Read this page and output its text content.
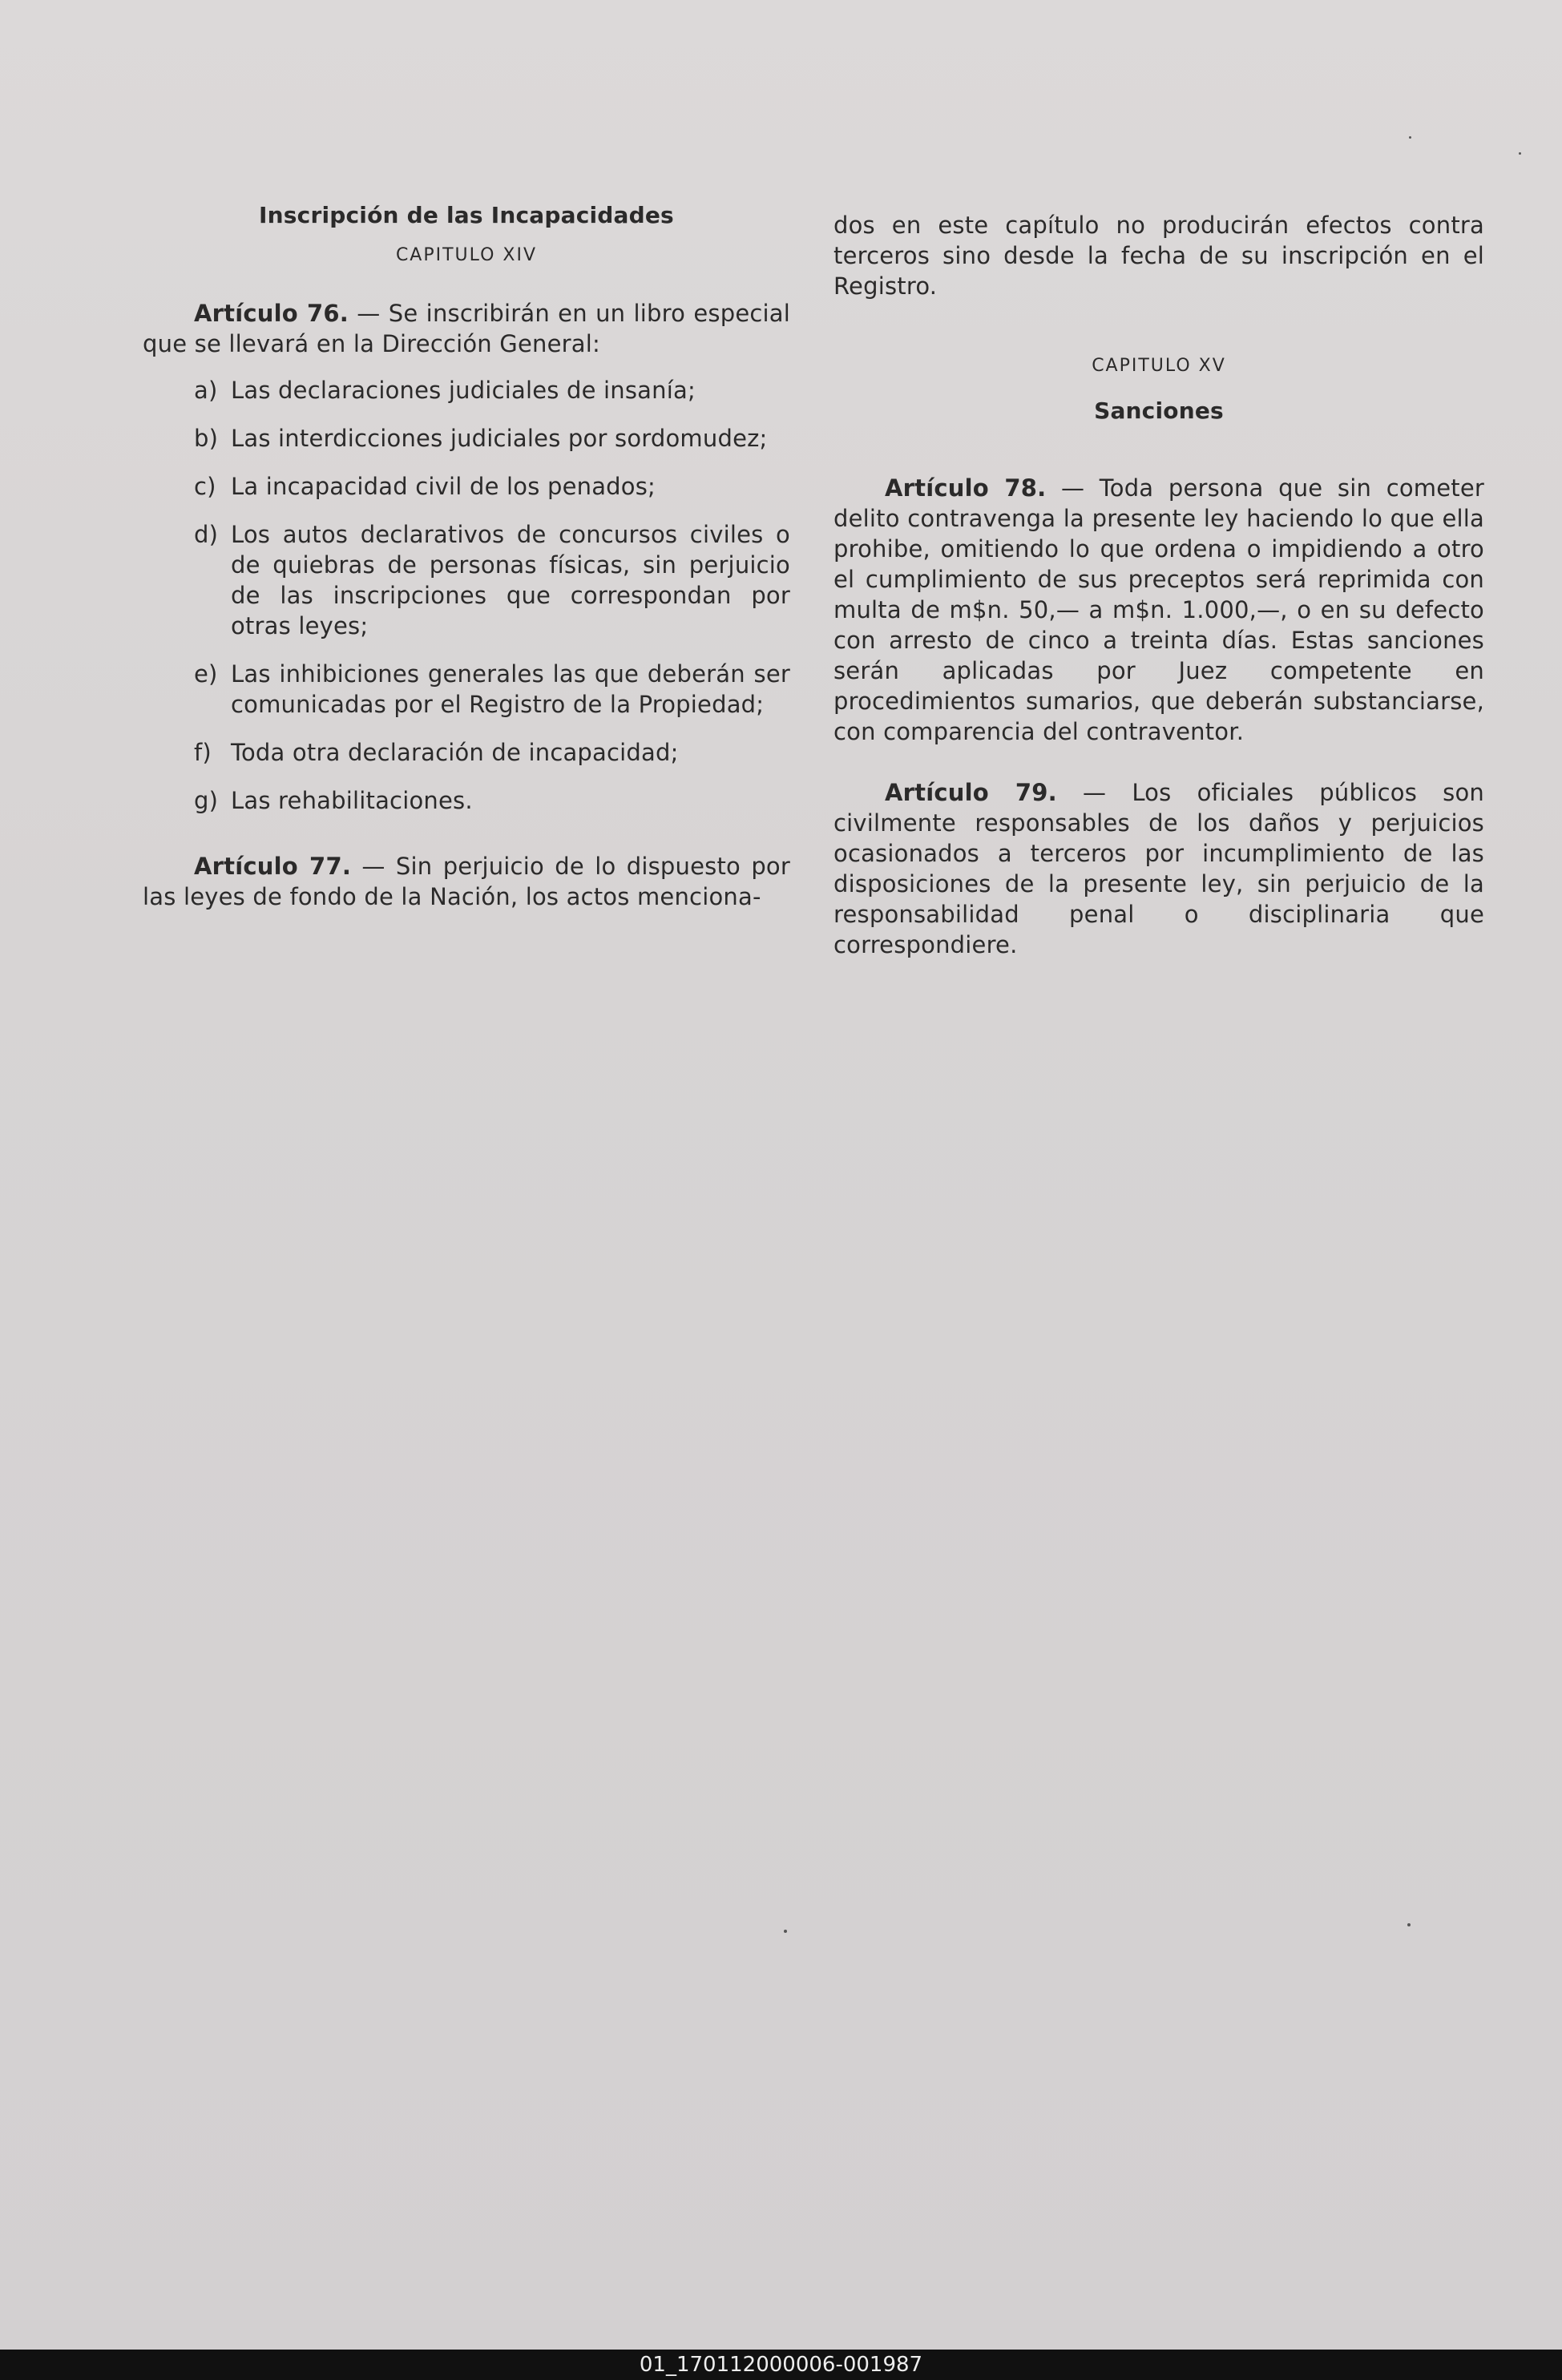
Inscripción de las Incapacidades
CAPITULO XIV

Artículo 76. — Se inscribirán en un libro especial que se llevará en la Dirección General:

a) Las declaraciones judiciales de insanía;
b) Las interdicciones judiciales por sordomudez;
c) La incapacidad civil de los penados;
d) Los autos declarativos de concursos civiles o de quiebras de personas físicas, sin perjuicio de las inscripciones que correspondan por otras leyes;
e) Las inhibiciones generales las que deberán ser comunicadas por el Registro de la Propiedad;
f) Toda otra declaración de incapacidad;
g) Las rehabilitaciones.

Artículo 77. — Sin perjuicio de lo dispuesto por las leyes de fondo de la Nación, los actos menciona-

dos en este capítulo no producirán efectos contra terceros sino desde la fecha de su inscripción en el Registro.

CAPITULO XV
Sanciones

Artículo 78. — Toda persona que sin cometer delito contravenga la presente ley haciendo lo que ella prohibe, omitiendo lo que ordena o impidiendo a otro el cumplimiento de sus preceptos será reprimida con multa de m$n. 50,— a m$n. 1.000,—, o en su defecto con arresto de cinco a treinta días. Estas sanciones serán aplicadas por Juez competente en procedimientos sumarios, que deberán substanciarse, con comparencia del contraventor.

Artículo 79. — Los oficiales públicos son civilmente responsables de los daños y perjuicios ocasionados a terceros por incumplimiento de las disposiciones de la presente ley, sin perjuicio de la responsabilidad penal o disciplinaria que correspondiere.

01_170112000006-001987
